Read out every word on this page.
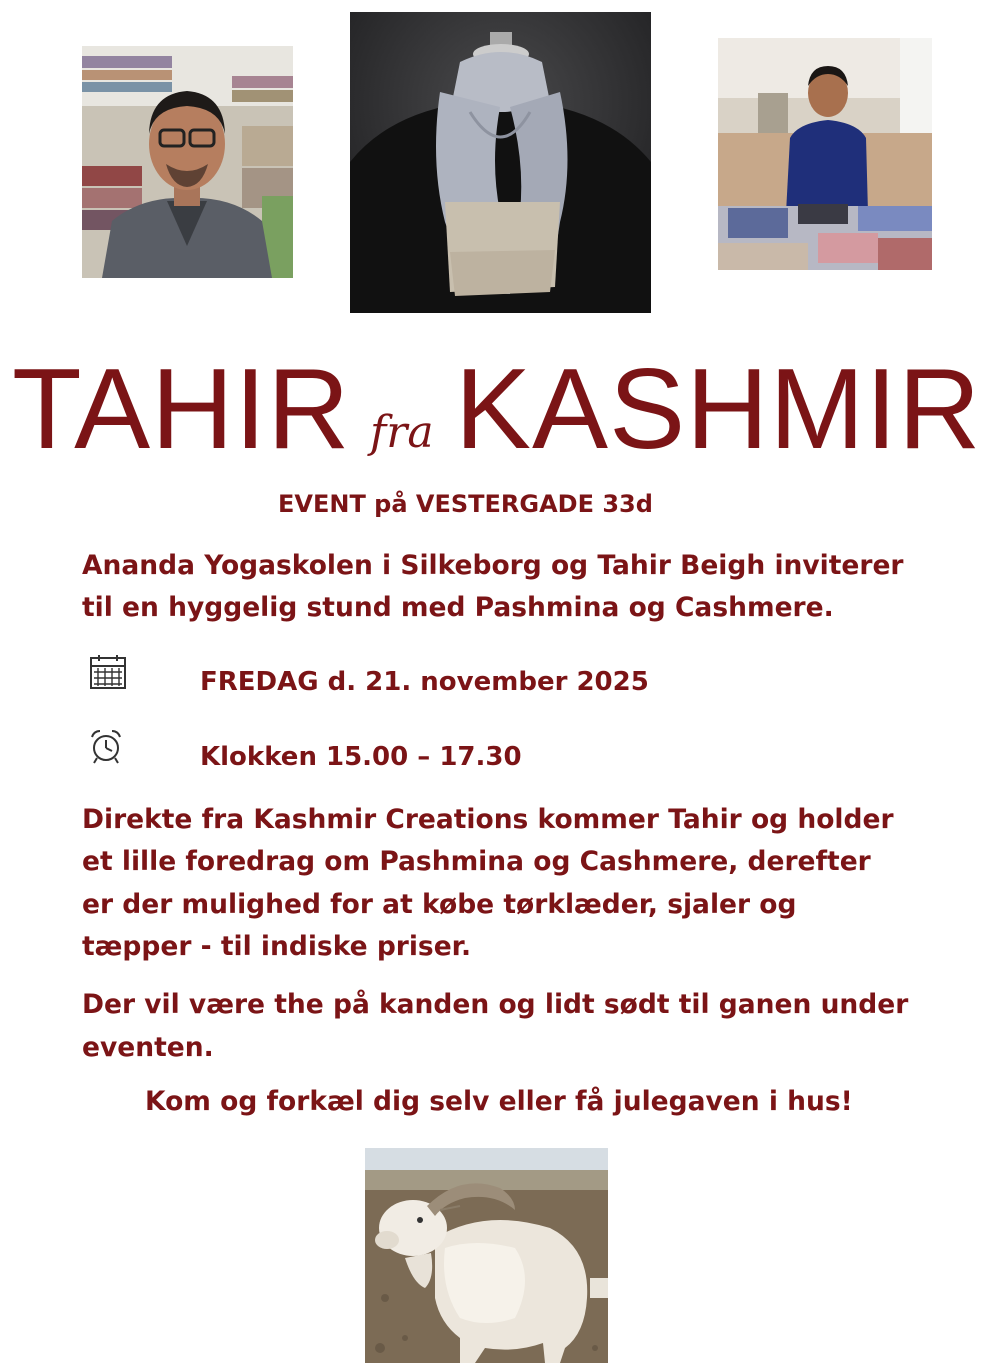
TAHIR fra KASHMIR
EVENT på VESTERGADE 33d
Ananda Yogaskolen i Silkeborg og Tahir Beigh inviterer
til en hyggelig stund med Pashmina og Cashmere.
FREDAG d. 21. november 2025
Klokken 15.00 – 17.30
Direkte fra Kashmir Creations kommer Tahir og holder
et lille foredrag om Pashmina og Cashmere, derefter
er der mulighed for at købe tørklæder, sjaler og
tæpper - til indiske priser.
Der vil være the på kanden og lidt sødt til ganen under
eventen.
Kom og forkæl dig selv eller få julegaven i hus!
